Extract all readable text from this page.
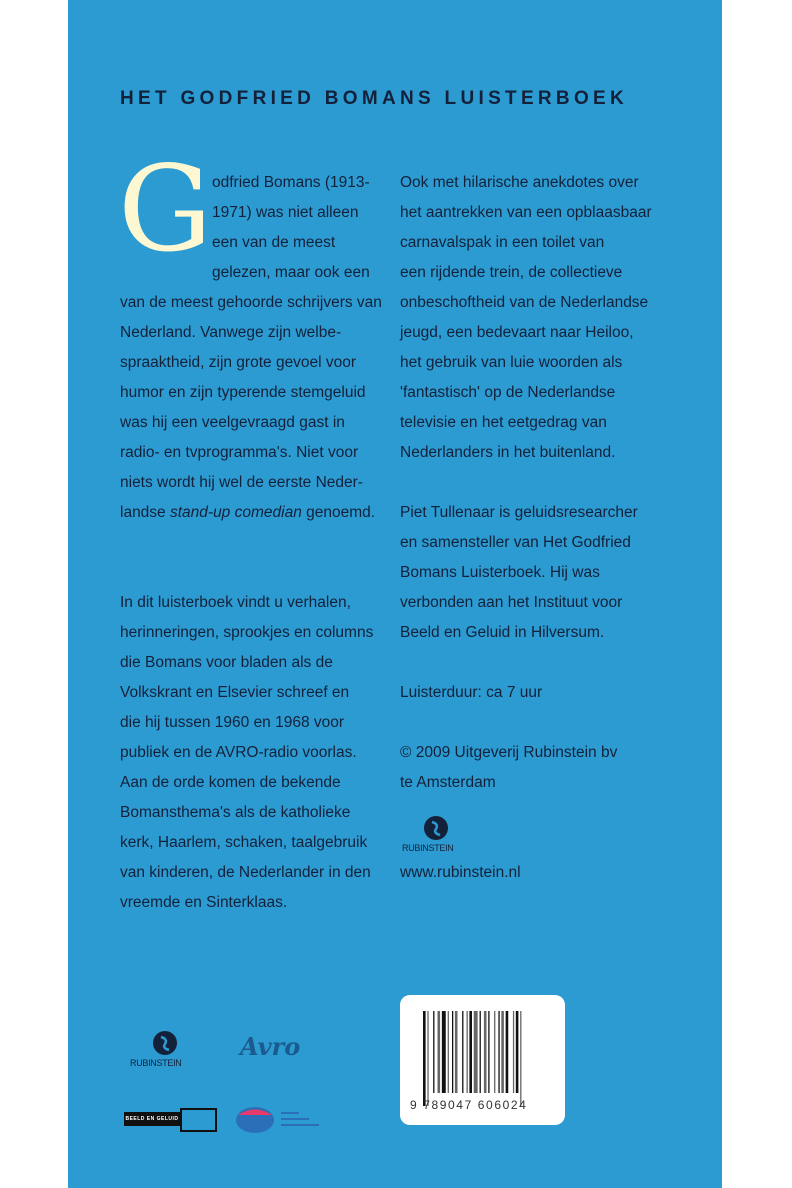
HET GODFRIED BOMANS LUISTERBOEK
G
RUBINSTEIN
www.rubinstein.nl
RUBINSTEIN
Avro
BEELD EN GELUID
9 789047 606024
odfried Bomans (1913-
1971) was niet alleen
een van de meest
gelezen, maar ook een
van de meest gehoorde schrijvers van
Nederland. Vanwege zijn welbe-
spraaktheid, zijn grote gevoel voor
humor en zijn typerende stemgeluid
was hij een veelgevraagd gast in
radio- en tvprogramma's. Niet voor
niets wordt hij wel de eerste Neder-
landse stand-up comedian genoemd.
In dit luisterboek vindt u verhalen,
herinneringen, sprookjes en columns
die Bomans voor bladen als de
Volkskrant en Elsevier schreef en
die hij tussen 1960 en 1968 voor
publiek en de AVRO-radio voorlas.
Aan de orde komen de bekende
Bomansthema's als de katholieke
kerk, Haarlem, schaken, taalgebruik
van kinderen, de Nederlander in den
vreemde en Sinterklaas.
Ook met hilarische anekdotes over
het aantrekken van een opblaasbaar
carnavalspak in een toilet van
een rijdende trein, de collectieve
onbeschoftheid van de Nederlandse
jeugd, een bedevaart naar Heiloo,
het gebruik van luie woorden als
'fantastisch' op de Nederlandse
televisie en het eetgedrag van
Nederlanders in het buitenland.
Piet Tullenaar is geluidsresearcher
en samensteller van Het Godfried
Bomans Luisterboek. Hij was
verbonden aan het Instituut voor
Beeld en Geluid in Hilversum.
Luisterduur: ca 7 uur
© 2009 Uitgeverij Rubinstein bv
te Amsterdam
